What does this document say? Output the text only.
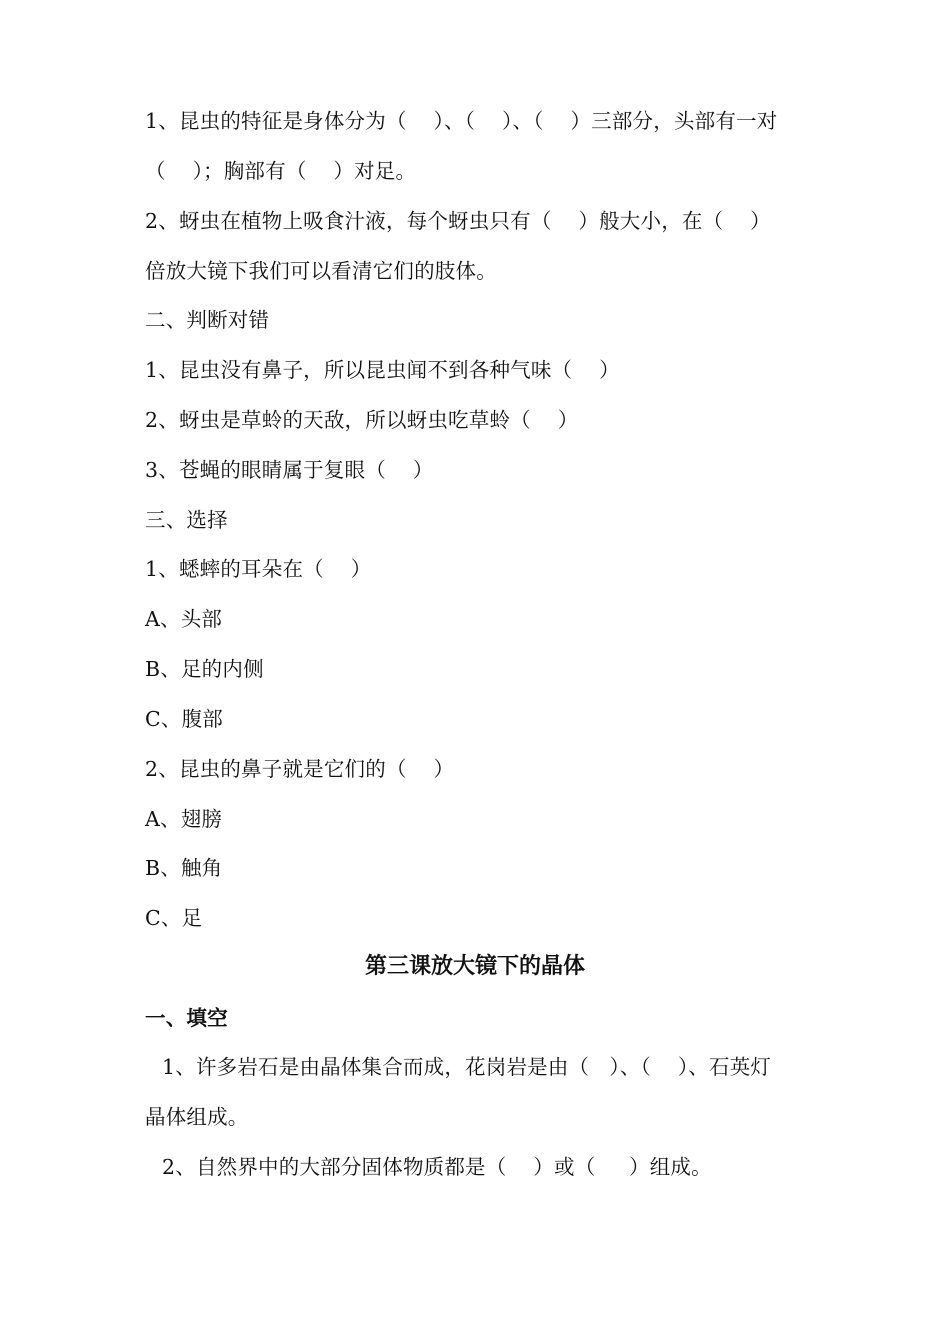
1、昆虫的特征是身体分为（    ）、（    ）、（    ）三部分，头部有一对
（    ）；胸部有（    ）对足。
2、蚜虫在植物上吸食汁液，每个蚜虫只有（    ）般大小，在（    ）
倍放大镜下我们可以看清它们的肢体。
二、判断对错
1、昆虫没有鼻子，所以昆虫闻不到各种气味（    ）
2、蚜虫是草蛉的天敌，所以蚜虫吃草蛉（    ）
3、苍蝇的眼睛属于复眼（    ）
三、选择
1、蟋蟀的耳朵在（    ）
A、头部
B、足的内侧
C、腹部
2、昆虫的鼻子就是它们的（    ）
A、翅膀
B、触角
C、足
第三课放大镜下的晶体
一、填空
1、许多岩石是由晶体集合而成，花岗岩是由（   ）、（    ）、石英灯
晶体组成。
2、自然界中的大部分固体物质都是（    ）或（     ）组成。
